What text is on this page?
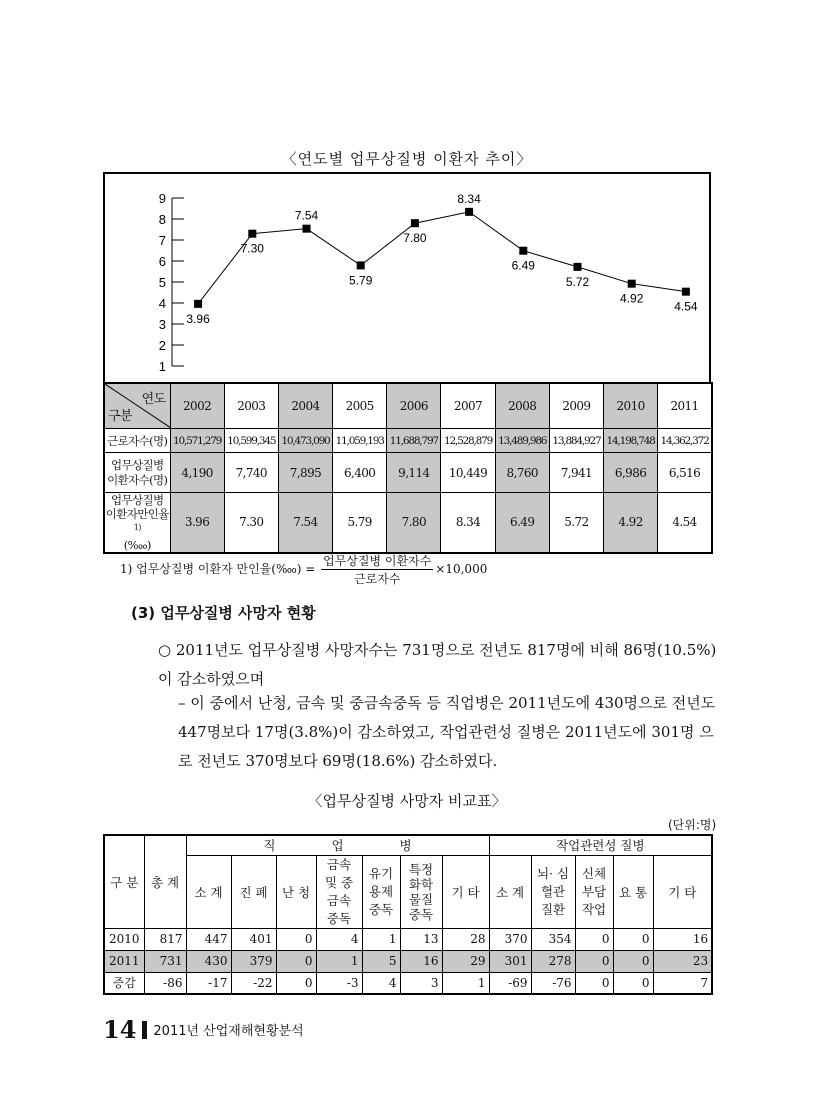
〈연도별 업무상질병 이환자 추이〉
1
2
3
4
5
6
7
8
9
3.96
7.30
7.54
5.79
7.80
8.34
6.49
5.72
4.92
4.54
연도
구분	2002	2003	2004	2005	2006	2007	2008	2009	2010	2011
근로자수(명)	10,571,279	10,599,345	10,473,090	11,059,193	11,688,797	12,528,879	13,489,986	13,884,927	14,198,748	14,362,372
업무상질병
이환자수(명)	4,190	7,740	7,895	6,400	9,114	10,449	8,760	7,941	6,986	6,516
업무상질병
이환자만인율$^{1)}$
(‱)	3.96	7.30	7.54	5.79	7.80	8.34	6.49	5.72	4.92	4.54
1) 업무상질병 이환자 만인율(‱) = $\frac{\text{업무상질병 이환자수}}{\text{근로자수}} \times 10,000$
(3) 업무상질병 사망자 현황
○ 2011년도 업무상질병 사망자수는 731명으로 전년도 817명에 비해 86명(10.5%)이 감소하였으며
– 이 중에서 난청, 금속 및 중금속중독 등 직업병은 2011년도에 430명으로 전년도 447명보다 17명(3.8%)이 감소하였고, 작업관련성 질병은 2011년도에 301명 으로 전년도 370명보다 69명(18.6%) 감소하였다.
〈업무상질병 사망자 비교표〉
(단위:명)
구 분	총 계	직 업 병							작업관련성 질병				
		소 계	진 폐	난 청	금속 및 중금속 중독	유기 용제 중독	특정 화학 물질 중독	기 타	소 계	뇌· 심혈관 질환	신체 부담 작업	요 통	기 타
2010	817	447	401	0	4	1	13	28	370	354	0	0	16
2011	731	430	379	0	1	5	16	29	301	278	0	0	23
증감	-86	-17	-22	0	-3	4	3	1	-69	-76	0	0	7
14 2011년 산업재해현황분석
